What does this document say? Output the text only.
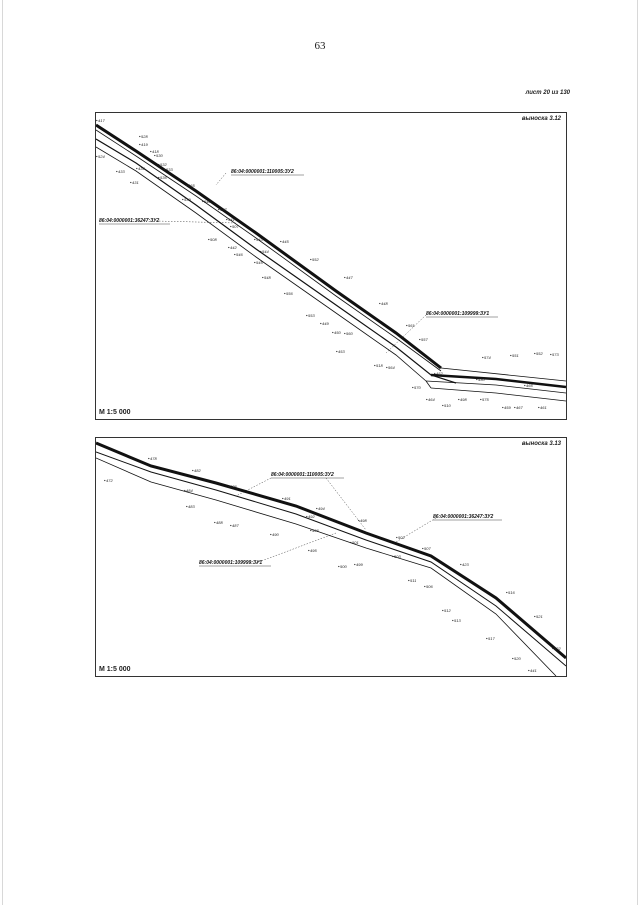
63
лист 20 из 130
86:04:0000001:110005:ЗУ2
86:04:0000001:36247:ЗУ2
86:04:0000001:109999:ЗУ1
417
528
419
418
524	530
532
533
433
434
431
536
465
539	540
537
541
507
508
442
543
544
445
546
545
548
552
447
556
448
553
449
450 560
561
557
453
518 564
452
570
574	551	552 573
430
464
510
498	575
466
459 467	461
выноска 3.12
М 1:5 000
86:04:0000001:110005:ЗУ2
86:04:0000001:36247:ЗУ2
86:04:0000001:109999:ЗУ1
478
472
482
486
484
483
491
488
487
494
492
490
498
496
495
502
501
500 499
507
503
423
511
506
516
512
513
521
517
522
520
441
выноска 3.13
М 1:5 000
